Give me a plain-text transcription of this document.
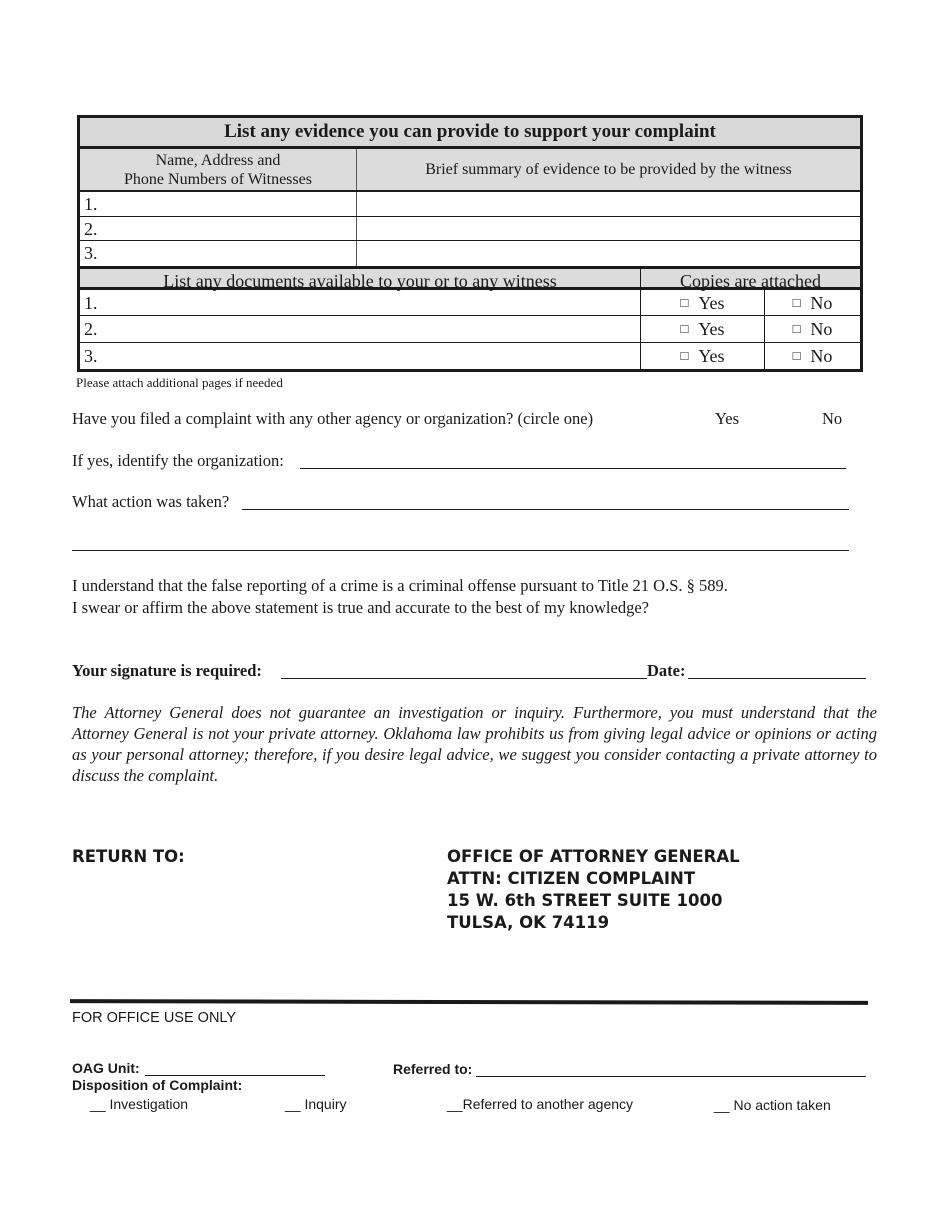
List any evidence you can provide to support your complaint
Name, Address and
Phone Numbers of Witnesses
Brief summary of evidence to be provided by the witness
1.
2.
3.
List any documents available to your or to any witness	Copies are attached
1.	□ Yes	□ No
2.	□ Yes	□ No
3.	□ Yes	□ No
Please attach additional pages if needed
Have you filed a complaint with any other agency or organization? (circle one)	Yes	No
If yes, identify the organization:
What action was taken?
I understand that the false reporting of a crime is a criminal offense pursuant to Title 21 O.S. § 589.
I swear or affirm the above statement is true and accurate to the best of my knowledge?
Your signature is required:	Date:
The Attorney General does not guarantee an investigation or inquiry. Furthermore, you must understand that the Attorney General is not your private attorney. Oklahoma law prohibits us from giving legal advice or opinions or acting as your personal attorney; therefore, if you desire legal advice, we suggest you consider contacting a private attorney to discuss the complaint.
RETURN TO:	OFFICE OF ATTORNEY GENERAL
ATTN: CITIZEN COMPLAINT
15 W. 6th STREET SUITE 1000
TULSA, OK 74119
FOR OFFICE USE ONLY
OAG Unit:	Referred to:
Disposition of Complaint:
__ Investigation	__ Inquiry	__Referred to another agency	__ No action taken
